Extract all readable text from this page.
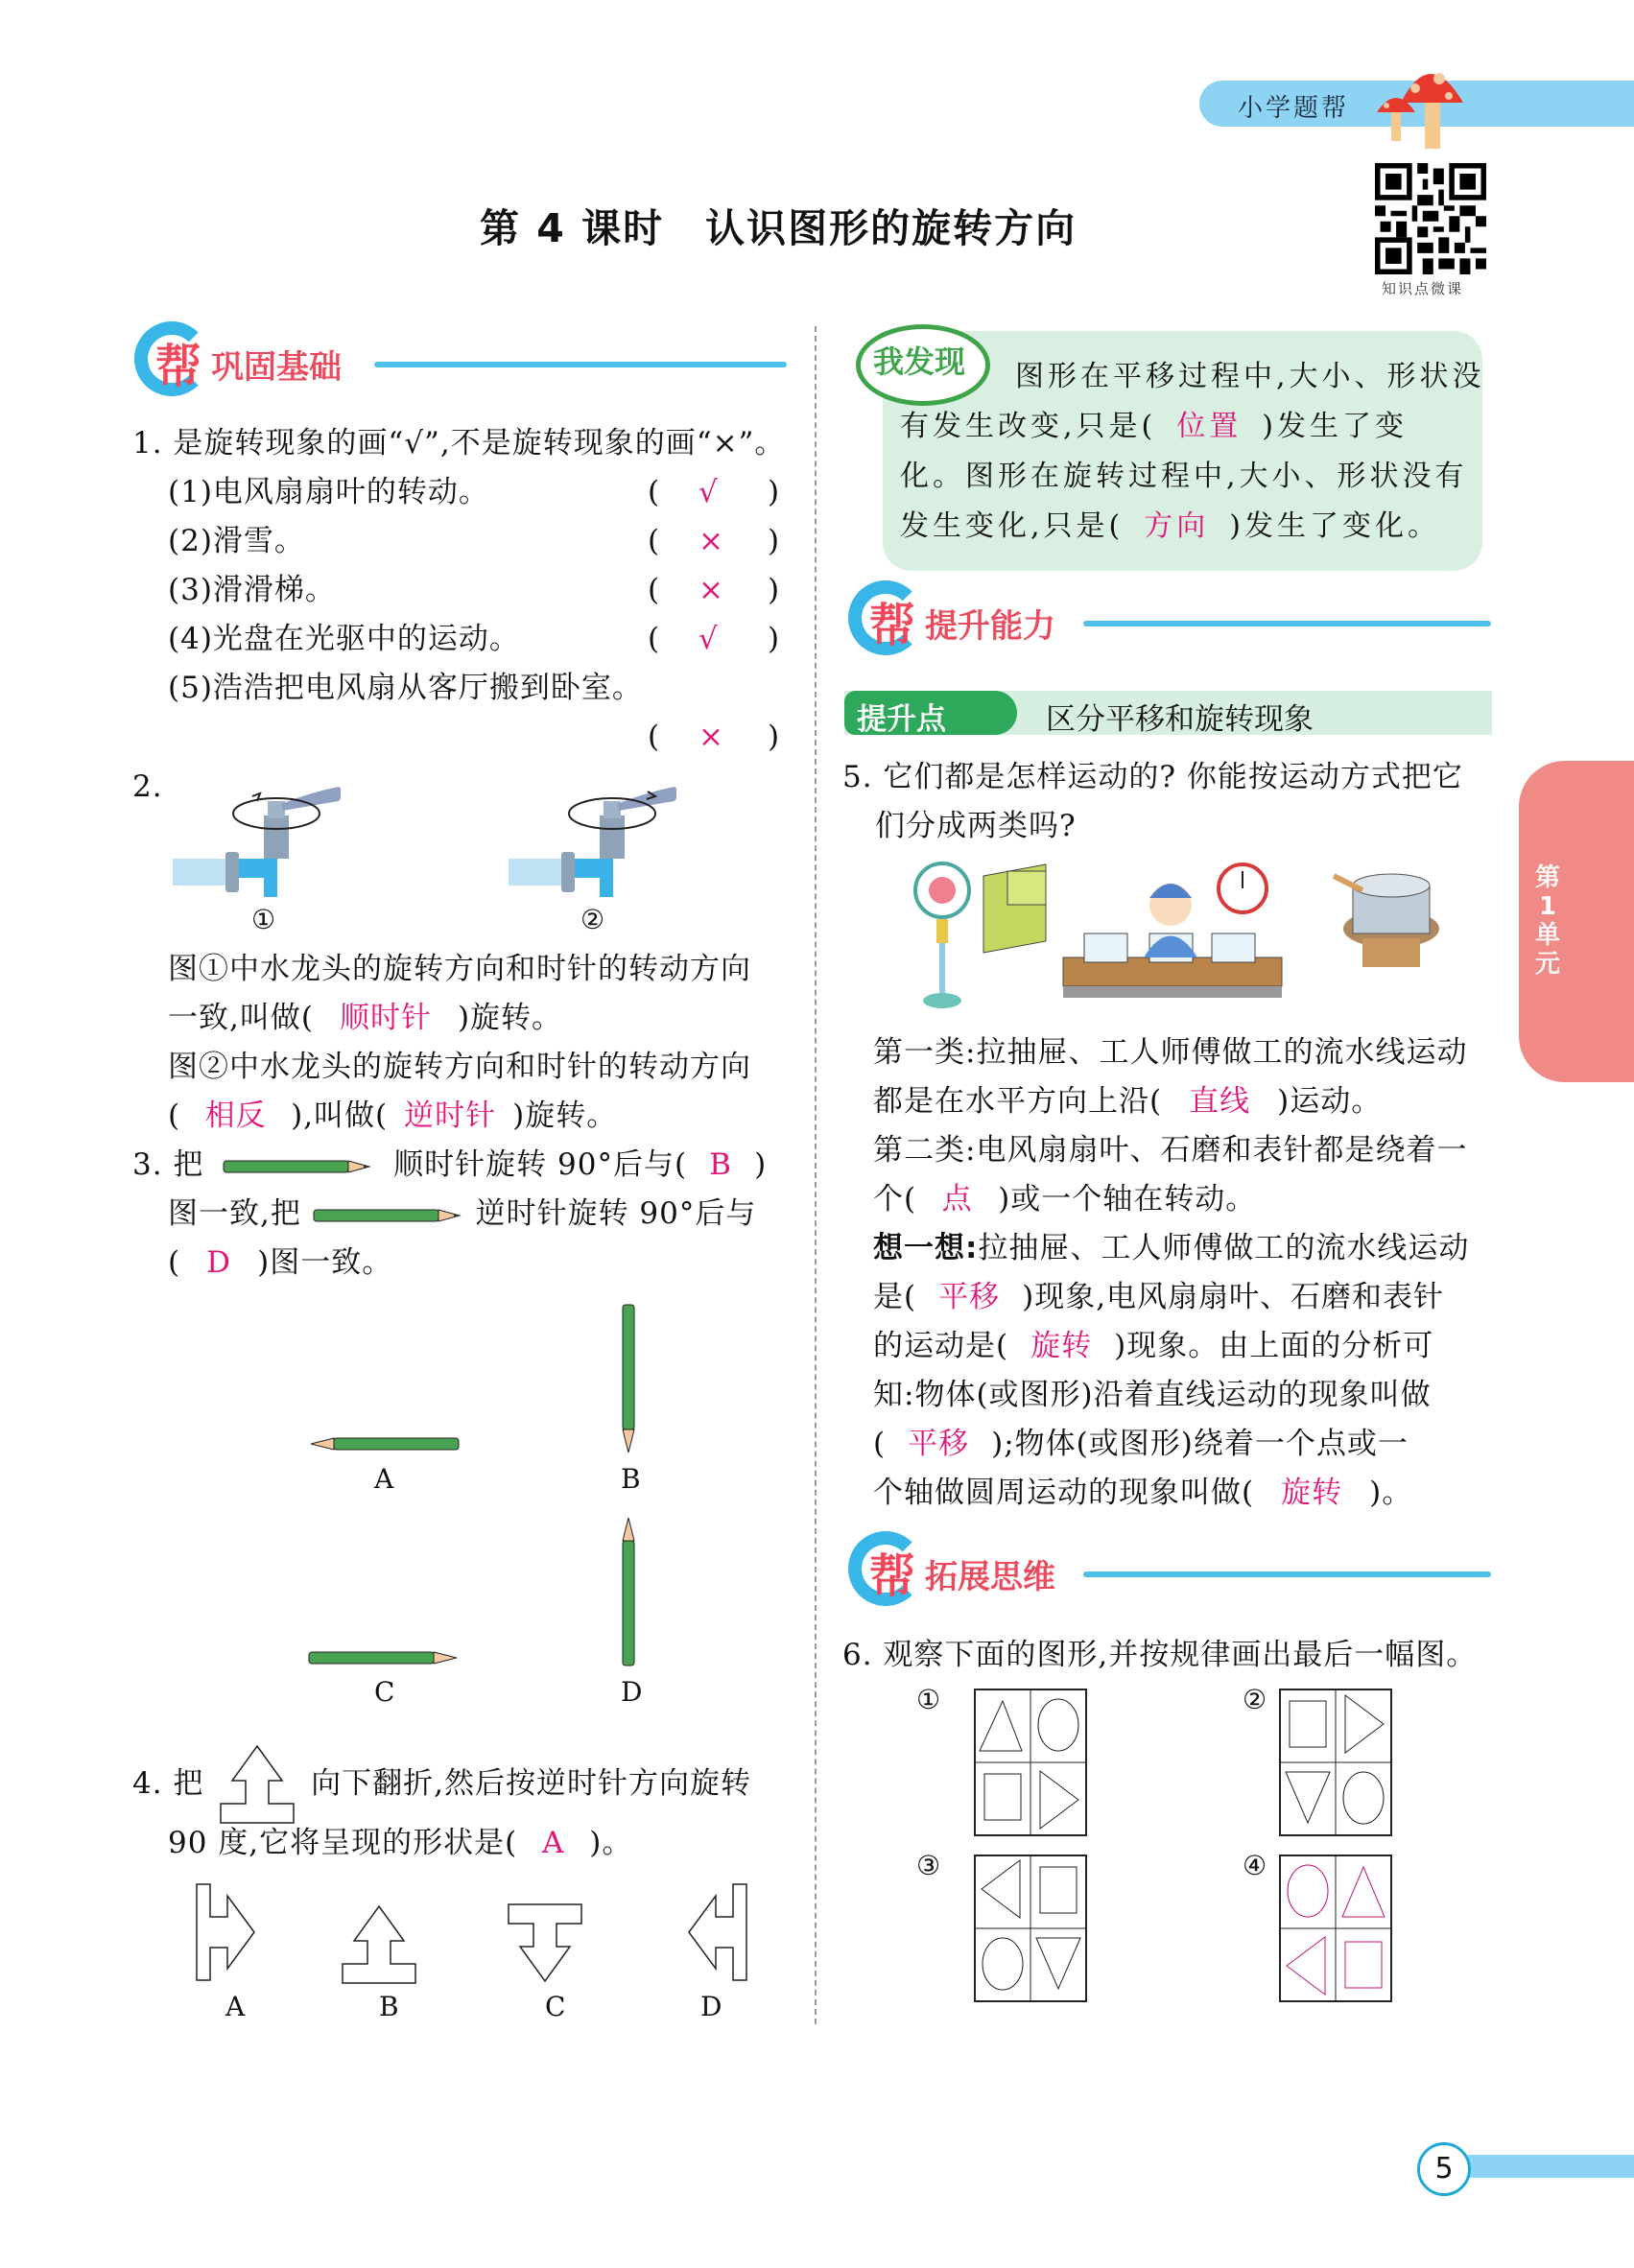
小学题帮
知识点微课
第 4 课时　认识图形的旋转方向
帮 巩固基础
1. 是旋转现象的画“√”,不是旋转现象的画“×”。
(1)电风扇扇叶的转动。	( √ )
(2)滑雪。	( × )
(3)滑滑梯。	( × )
(4)光盘在光驱中的运动。	( √ )
(5)浩浩把电风扇从客厅搬到卧室。
( × )
2.
①	②
图①中水龙头的旋转方向和时针的转动方向
一致,叫做( 顺时针 )旋转。
图②中水龙头的旋转方向和时针的转动方向
( 相反 ),叫做( 逆时针 )旋转。
3. 把	顺时针旋转 90°后与( B )
图一致,把	逆时针旋转 90°后与
( D )图一致。
A	B
C	D
4. 把	向下翻折,然后按逆时针方向旋转
90 度,它将呈现的形状是( A )。
A	B	C	D
我发现 图形在平移过程中,大小、形状没
有发生改变,只是( 位置 )发生了变
化。图形在旋转过程中,大小、形状没有
发生变化,只是( 方向 )发生了变化。
帮 提升能力
提升点 ➚ 区分平移和旋转现象
5. 它们都是怎样运动的? 你能按运动方式把它
们分成两类吗?
第一类:拉抽屉、工人师傅做工的流水线运动
都是在水平方向上沿( 直线 )运动。
第二类:电风扇扇叶、石磨和表针都是绕着一
个( 点 )或一个轴在转动。
想一想:拉抽屉、工人师傅做工的流水线运动
是( 平移 )现象,电风扇扇叶、石磨和表针
的运动是( 旋转 )现象。由上面的分析可
知:物体(或图形)沿着直线运动的现象叫做
( 平移 );物体(或图形)绕着一个点或一
个轴做圆周运动的现象叫做( 旋转 )。
帮 拓展思维
6. 观察下面的图形,并按规律画出最后一幅图。
①	②
③	④
第
1
单
元
5
